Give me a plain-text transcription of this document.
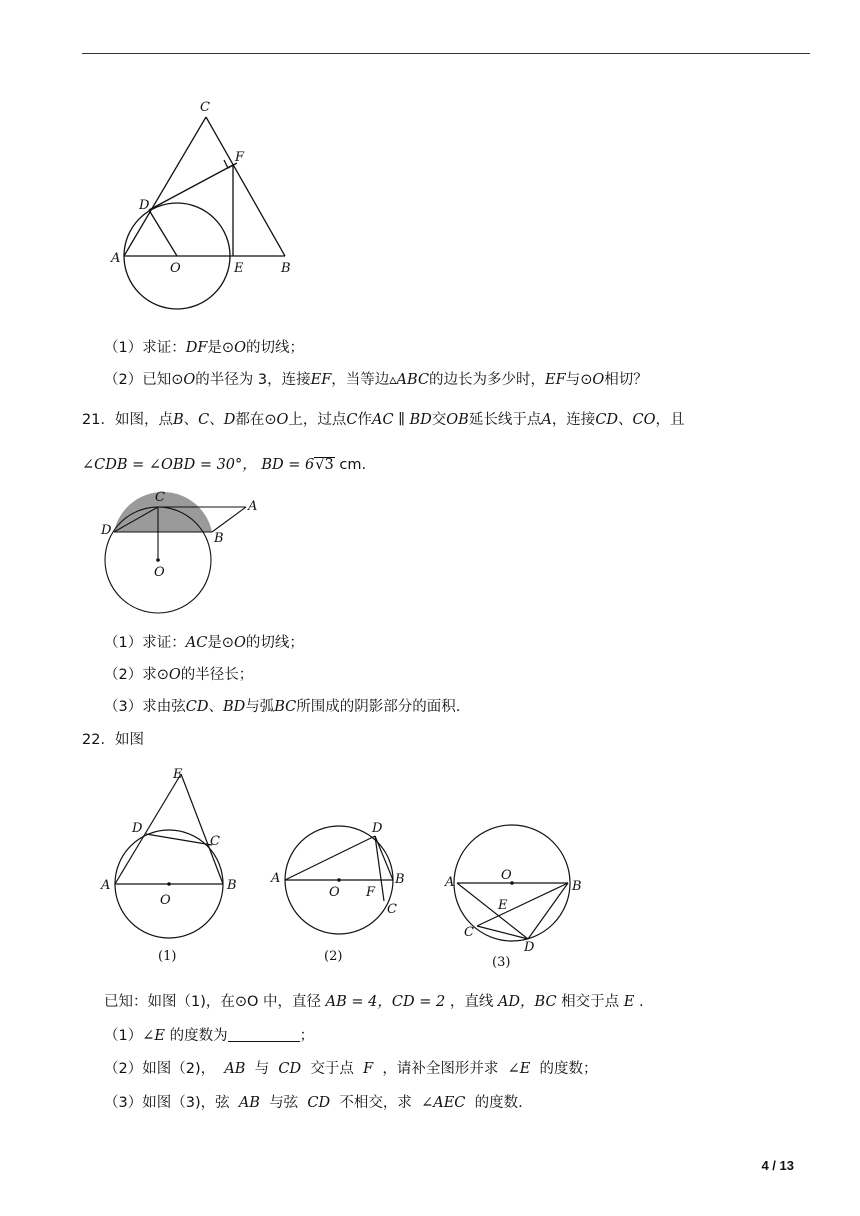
C
F
D
A
O	E	B
（1）求证：DF是⊙O的切线；
（2）已知⊙O的半径为 3，连接EF，当等边▵ABC的边长为多少时，EF与⊙O相切？
21．如图，点B、C、D都在⊙O上，过点C作AC ∥ BD交OB延长线于点A，连接CD、CO，且
∠CDB = ∠OBD = 30°， BD = 6√3 cm.
C
A
D
B
O
（1）求证：AC是⊙O的切线；
（2）求⊙O的半径长；
（3）求由弦CD、BD与弧BC所围成的阴影部分的面积.
22．如图
E
D
C
A	B
O
(1)
D
A	B
O F
C
(2)
O
A	B
E
C
D
(3)
已知：如图（1)，在⊙O 中，直径 AB = 4，CD = 2 ，直线 AD，BC 相交于点 E .
（1）∠E 的度数为	；
（2）如图（2)， AB 与 CD 交于点 F ，请补全图形并求 ∠E 的度数；
（3）如图（3)，弦 AB 与弦 CD 不相交，求 ∠AEC 的度数.
4 / 13
